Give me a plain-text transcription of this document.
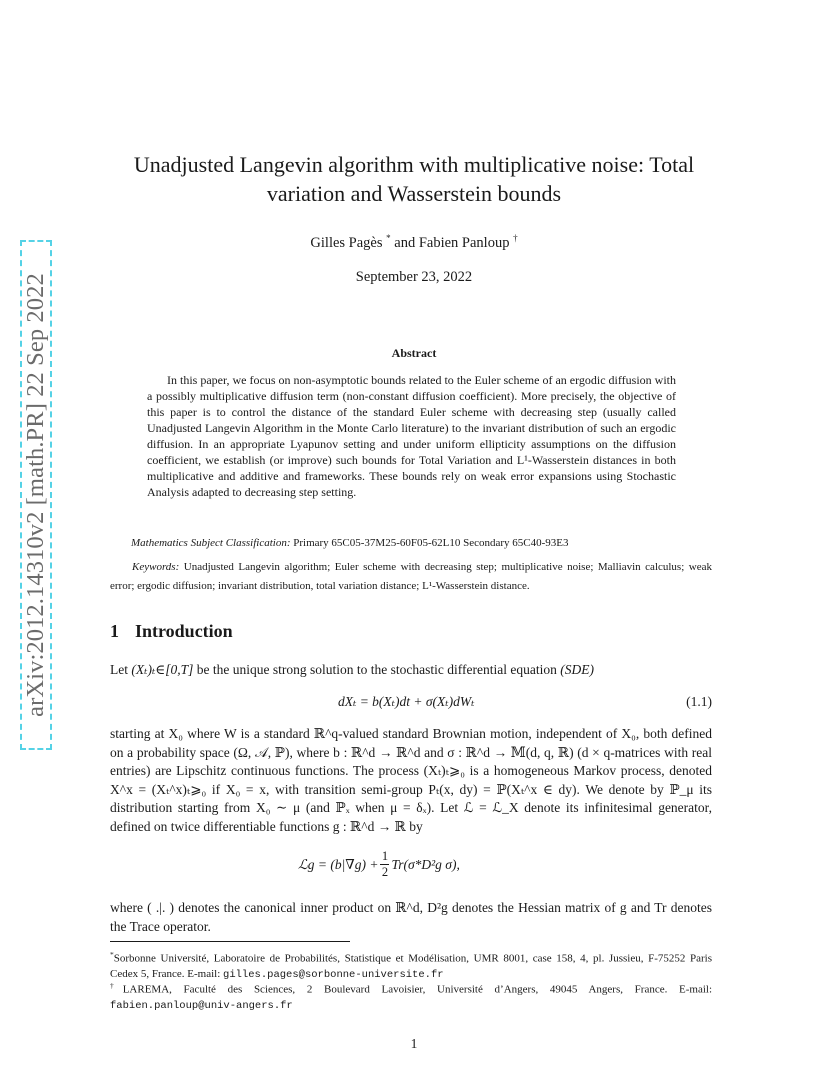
arXiv:2012.14310v2 [math.PR] 22 Sep 2022
Unadjusted Langevin algorithm with multiplicative noise: Total
variation and Wasserstein bounds
Gilles Pagès * and Fabien Panloup †
September 23, 2022
Abstract
In this paper, we focus on non-asymptotic bounds related to the Euler scheme of an ergodic diffusion with a possibly multiplicative diffusion term (non-constant diffusion coefficient). More precisely, the objective of this paper is to control the distance of the standard Euler scheme with decreasing step (usually called Unadjusted Langevin Algorithm in the Monte Carlo literature) to the invariant distribution of such an ergodic diffusion. In an appropriate Lyapunov setting and under uniform ellipticity assumptions on the diffusion coefficient, we establish (or improve) such bounds for Total Variation and L¹-Wasserstein distances in both multiplicative and additive and frameworks. These bounds rely on weak error expansions using Stochastic Analysis adapted to decreasing step setting.
Mathematics Subject Classification: Primary 65C05-37M25-60F05-62L10 Secondary 65C40-93E3
Keywords: Unadjusted Langevin algorithm; Euler scheme with decreasing step; multiplicative noise; Malliavin calculus; weak error; ergodic diffusion; invariant distribution, total variation distance; L¹-Wasserstein distance.
1 Introduction
Let (Xₜ)ₜ∈[0,T] be the unique strong solution to the stochastic differential equation (SDE)
dXₜ = b(Xₜ)dt + σ(Xₜ)dWₜ	(1.1)
starting at X₀ where W is a standard ℝ^q-valued standard Brownian motion, independent of X₀, both defined on a probability space (Ω, 𝒜, ℙ), where b : ℝ^d → ℝ^d and σ : ℝ^d → 𝕄(d, q, ℝ) (d × q-matrices with real entries) are Lipschitz continuous functions. The process (Xₜ)ₜ⩾₀ is a homogeneous Markov process, denoted X^x = (Xₜ^x)ₜ⩾₀ if X₀ = x, with transition semi-group Pₜ(x, dy) = ℙ(Xₜ^x ∈ dy). We denote by ℙ_μ its distribution starting from X₀ ∼ μ (and ℙₓ when μ = δₓ). Let ℒ = ℒ_X denote its infinitesimal generator, defined on twice differentiable functions g : ℝ^d → ℝ by
ℒg = $(b|\nabla g) + \frac{1}{2} Tr(\sigma*D^2g$ σ),
where ( .|. ) denotes the canonical inner product on ℝ^d, D²g denotes the Hessian matrix of g and Tr denotes the Trace operator.
*Sorbonne Université, Laboratoire de Probabilités, Statistique et Modélisation, UMR 8001, case 158, 4, pl. Jussieu, F-75252 Paris Cedex 5, France. E-mail: gilles.pages@sorbonne-universite.fr
†LAREMA, Faculté des Sciences, 2 Boulevard Lavoisier, Université d’Angers, 49045 Angers, France. E-mail: fabien.panloup@univ-angers.fr
1
